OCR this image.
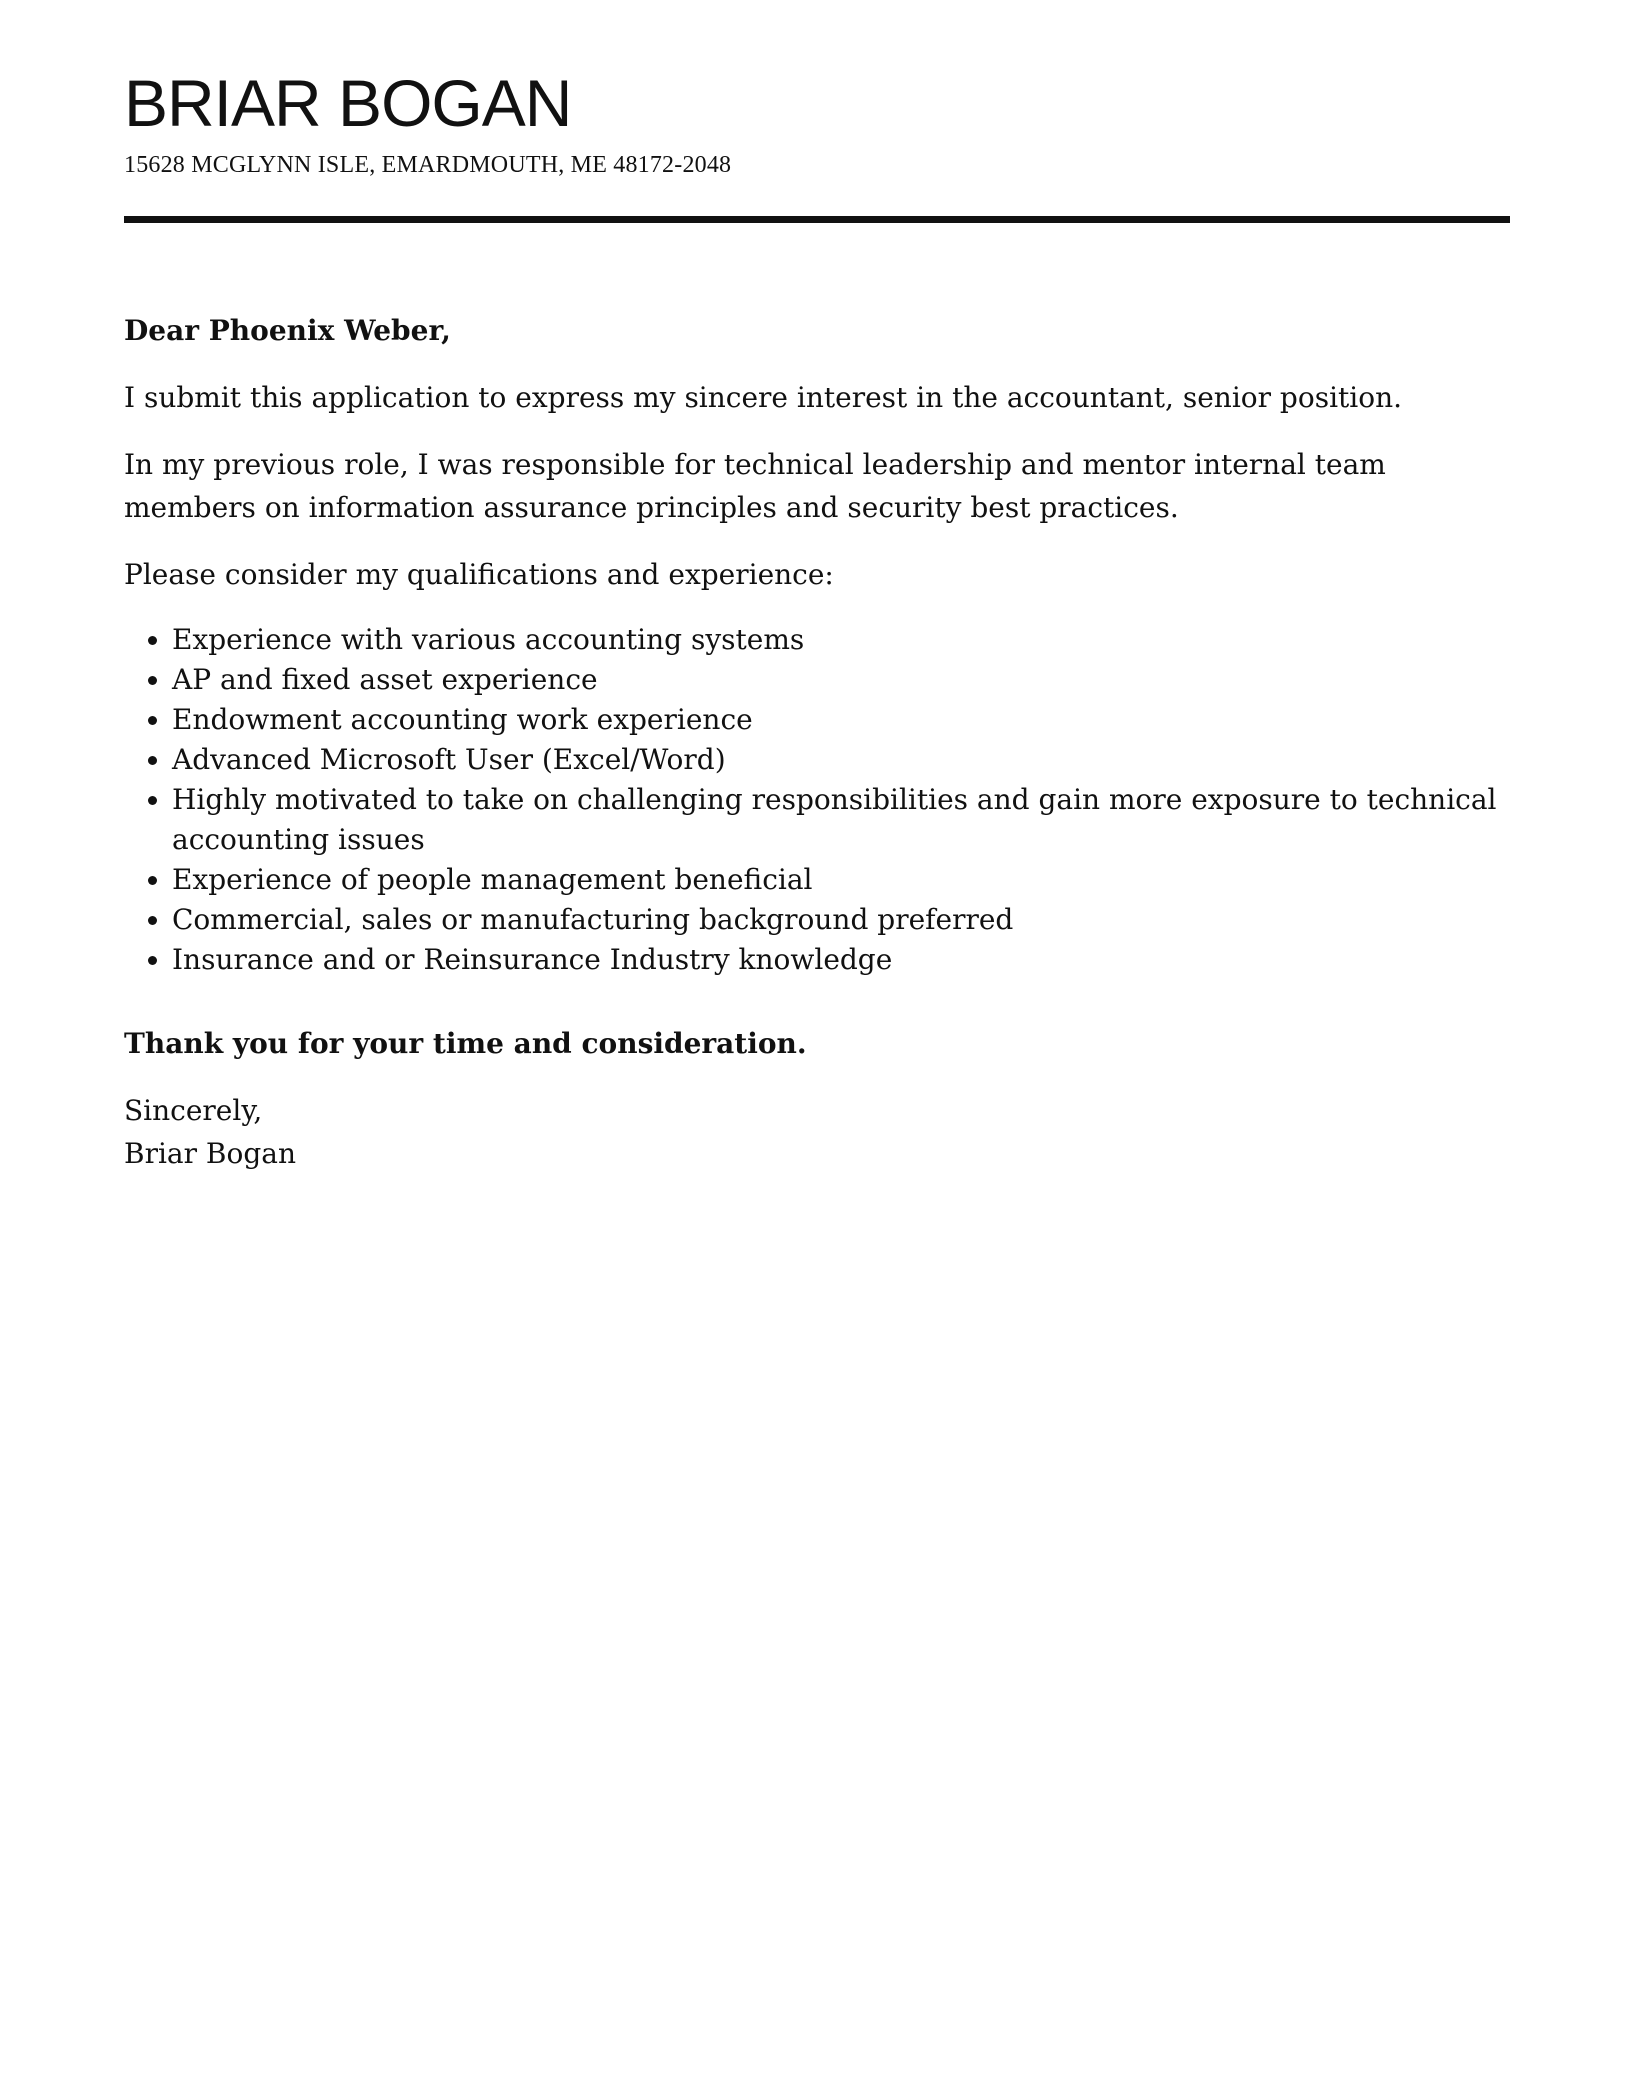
BRIAR BOGAN
15628 MCGLYNN ISLE, EMARDMOUTH, ME 48172-2048

Dear Phoenix Weber,

I submit this application to express my sincere interest in the accountant, senior position.

In my previous role, I was responsible for technical leadership and mentor internal team members on information assurance principles and security best practices.

Please consider my qualifications and experience:

• Experience with various accounting systems
• AP and fixed asset experience
• Endowment accounting work experience
• Advanced Microsoft User (Excel/Word)
• Highly motivated to take on challenging responsibilities and gain more exposure to technical accounting issues
• Experience of people management beneficial
• Commercial, sales or manufacturing background preferred
• Insurance and or Reinsurance Industry knowledge

Thank you for your time and consideration.

Sincerely,

Briar Bogan
